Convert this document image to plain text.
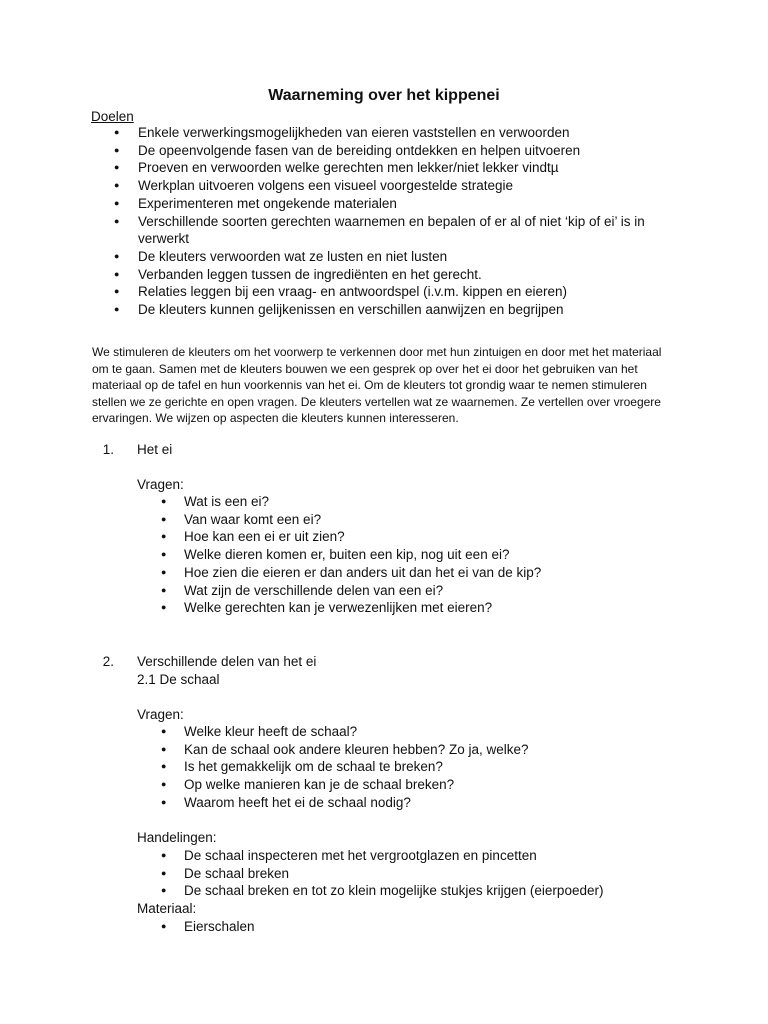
Waarneming over het kippenei
Doelen
● Enkele verwerkingsmogelijkheden van eieren vaststellen en verwoorden
● De opeenvolgende fasen van de bereiding ontdekken en helpen uitvoeren
● Proeven en verwoorden welke gerechten men lekker/niet lekker vindtµ
● Werkplan uitvoeren volgens een visueel voorgestelde strategie
● Experimenteren met ongekende materialen
● Verschillende soorten gerechten waarnemen en bepalen of er al of niet ‘kip of ei’ is in verwerkt
● De kleuters verwoorden wat ze lusten en niet lusten
● Verbanden leggen tussen de ingrediënten en het gerecht.
● Relaties leggen bij een vraag- en antwoordspel (i.v.m. kippen en eieren)
● De kleuters kunnen gelijkenissen en verschillen aanwijzen en begrijpen

We stimuleren de kleuters om het voorwerp te verkennen door met hun zintuigen en door met het materiaal om te gaan. Samen met de kleuters bouwen we een gesprek op over het ei door het gebruiken van het materiaal op de tafel en hun voorkennis van het ei. Om de kleuters tot grondig waar te nemen stimuleren stellen we ze gerichte en open vragen. De kleuters vertellen wat ze waarnemen. Ze vertellen over vroegere ervaringen. We wijzen op aspecten die kleuters kunnen interesseren.

1. Het ei
Vragen:
● Wat is een ei?
● Van waar komt een ei?
● Hoe kan een ei er uit zien?
● Welke dieren komen er, buiten een kip, nog uit een ei?
● Hoe zien die eieren er dan anders uit dan het ei van de kip?
● Wat zijn de verschillende delen van een ei?
● Welke gerechten kan je verwezenlijken met eieren?
2. Verschillende delen van het ei
2.1 De schaal
Vragen:
● Welke kleur heeft de schaal?
● Kan de schaal ook andere kleuren hebben? Zo ja, welke?
● Is het gemakkelijk om de schaal te breken?
● Op welke manieren kan je de schaal breken?
● Waarom heeft het ei de schaal nodig?
Handelingen:
● De schaal inspecteren met het vergrootglazen en pincetten
● De schaal breken
● De schaal breken en tot zo klein mogelijke stukjes krijgen (eierpoeder)
Materiaal:
● Eierschalen
